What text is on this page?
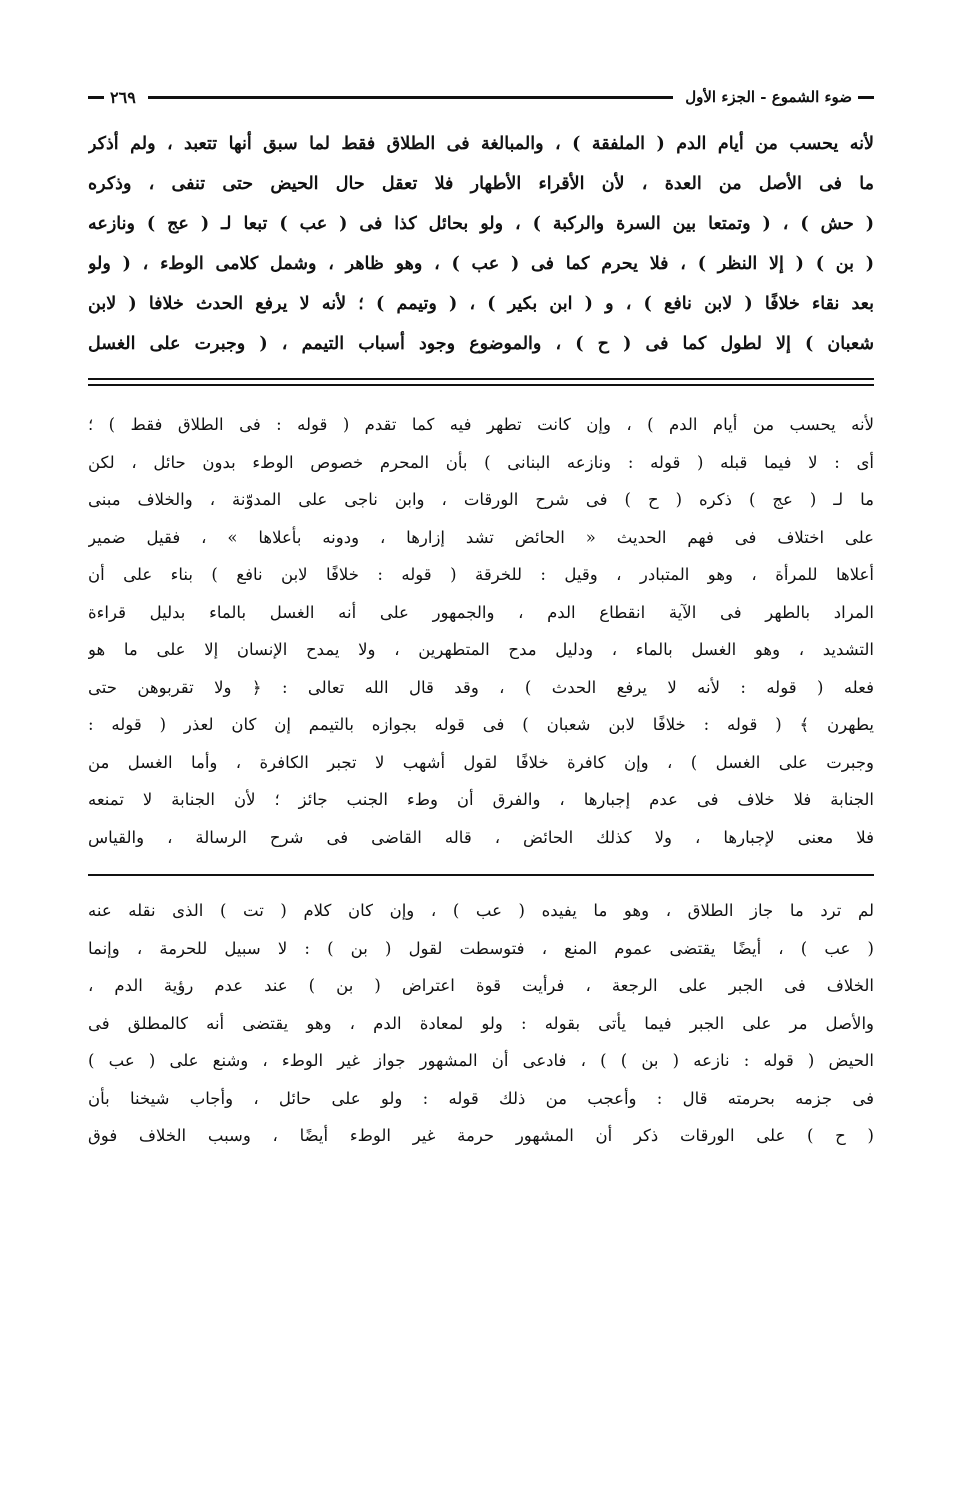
ضوء الشموع - الجزء الأول
٢٦٩

لأنه يحسب من أيام الدم ( الملفقة ) ، والمبالغة فى الطلاق فقط لما سبق أنها تتعبد ، ولم أذكر

ما فى الأصل من العدة ، لأن الأقراء الأطهار فلا تعقل حال الحيض حتى تنفى ، وذكره

( حش ) ، ( وتمتعا بين السرة والركبة ) ، ولو بحائل كذا فى ( عب ) تبعا لـ ( عج ) ونازعه

( بن ) ( إلا النظر ) ، فلا يحرم كما فى ( عب ) ، وهو ظاهر ، وشمل كلامى الوطء ، ( ولو

بعد نقاء خلافًا ( لابن نافع ) ، و ( ابن بكير ) ، ( وتيمم ) ؛ لأنه لا يرفع الحدث خلافا ( لابن

شعبان ) إلا لطول كما فى ( ح ) ، والموضوع وجود أسباب التيمم ، ( وجبرت على الغسل

لأنه يحسب من أيام الدم ) ، وإن كانت تطهر فيه كما تقدم ( قوله : فى الطلاق فقط ) ؛

أى : لا فيما قبله ( قوله : ونازعه البنانى ) بأن المحرم خصوص الوطء بدون حائل ، لكن

ما لـ ( عج ) ذكره ( ح ) فى شرح الورقات ، وابن ناجى على المدوّنة ، والخلاف مبنى

على اختلاف فى فهم الحديث « الحائض تشد إزارها ، ودونه بأعلاها » ، فقيل ضمير

أعلاها للمرأة ، وهو المتبادر ، وقيل : للخرقة ( قوله : خلافًا لابن نافع ) بناء على أن

المراد بالطهر فى الآية انقطاع الدم ، والجمهور على أنه الغسل بالماء بدليل قراءة

التشديد ، وهو الغسل بالماء ، ودليل مدح المتطهرين ، ولا يمدح الإنسان إلا على ما هو

فعله ( قوله : لأنه لا يرفع الحدث ) ، وقد قال الله تعالى : ﴿ ولا تقربوهن حتى

يطهرن ﴾ ( قوله : خلافًا لابن شعبان ) فى قوله بجوازه بالتيمم إن كان لعذر ( قوله :

وجبرت على الغسل ) ، وإن كافرة خلافًا لقول أشهب لا تجبر الكافرة ، وأما الغسل من

الجنابة فلا خلاف فى عدم إجبارها ، والفرق أن وطء الجنب جائز ؛ لأن الجنابة لا تمنعه

فلا معنى لإجبارها ، ولا كذلك الحائض ، قاله القاضى فى شرح الرسالة ، والقياس

لم ترد ما جاز الطلاق ، وهو ما يفيده ( عب ) ، وإن كان كلام ( تت ) الذى نقله عنه

( عب ) ، أيضًا يقتضى عموم المنع ، فتوسطت لقول ( بن ) : لا سبيل للحرمة ، وإنما

الخلاف فى الجبر على الرجعة ، فرأيت قوة اعتراض ( بن ) عند عدم رؤية الدم ،

والأصل مر على الجبر فيما يأتى بقوله : ولو لمعادة الدم ، وهو يقتضى أنه كالمطلق فى

الحيض ( قوله : نازعه ( بن ) ) ، فادعى أن المشهور جواز غير الوطء ، وشنع على ( عب )

فى جزمه بحرمته قال : وأعجب من ذلك قوله : ولو على حائل ، وأجاب شيخنا بأن

( ح ) على الورقات ذكر أن المشهور حرمة غير الوطء أيضًا ، وسبب الخلاف فوق
